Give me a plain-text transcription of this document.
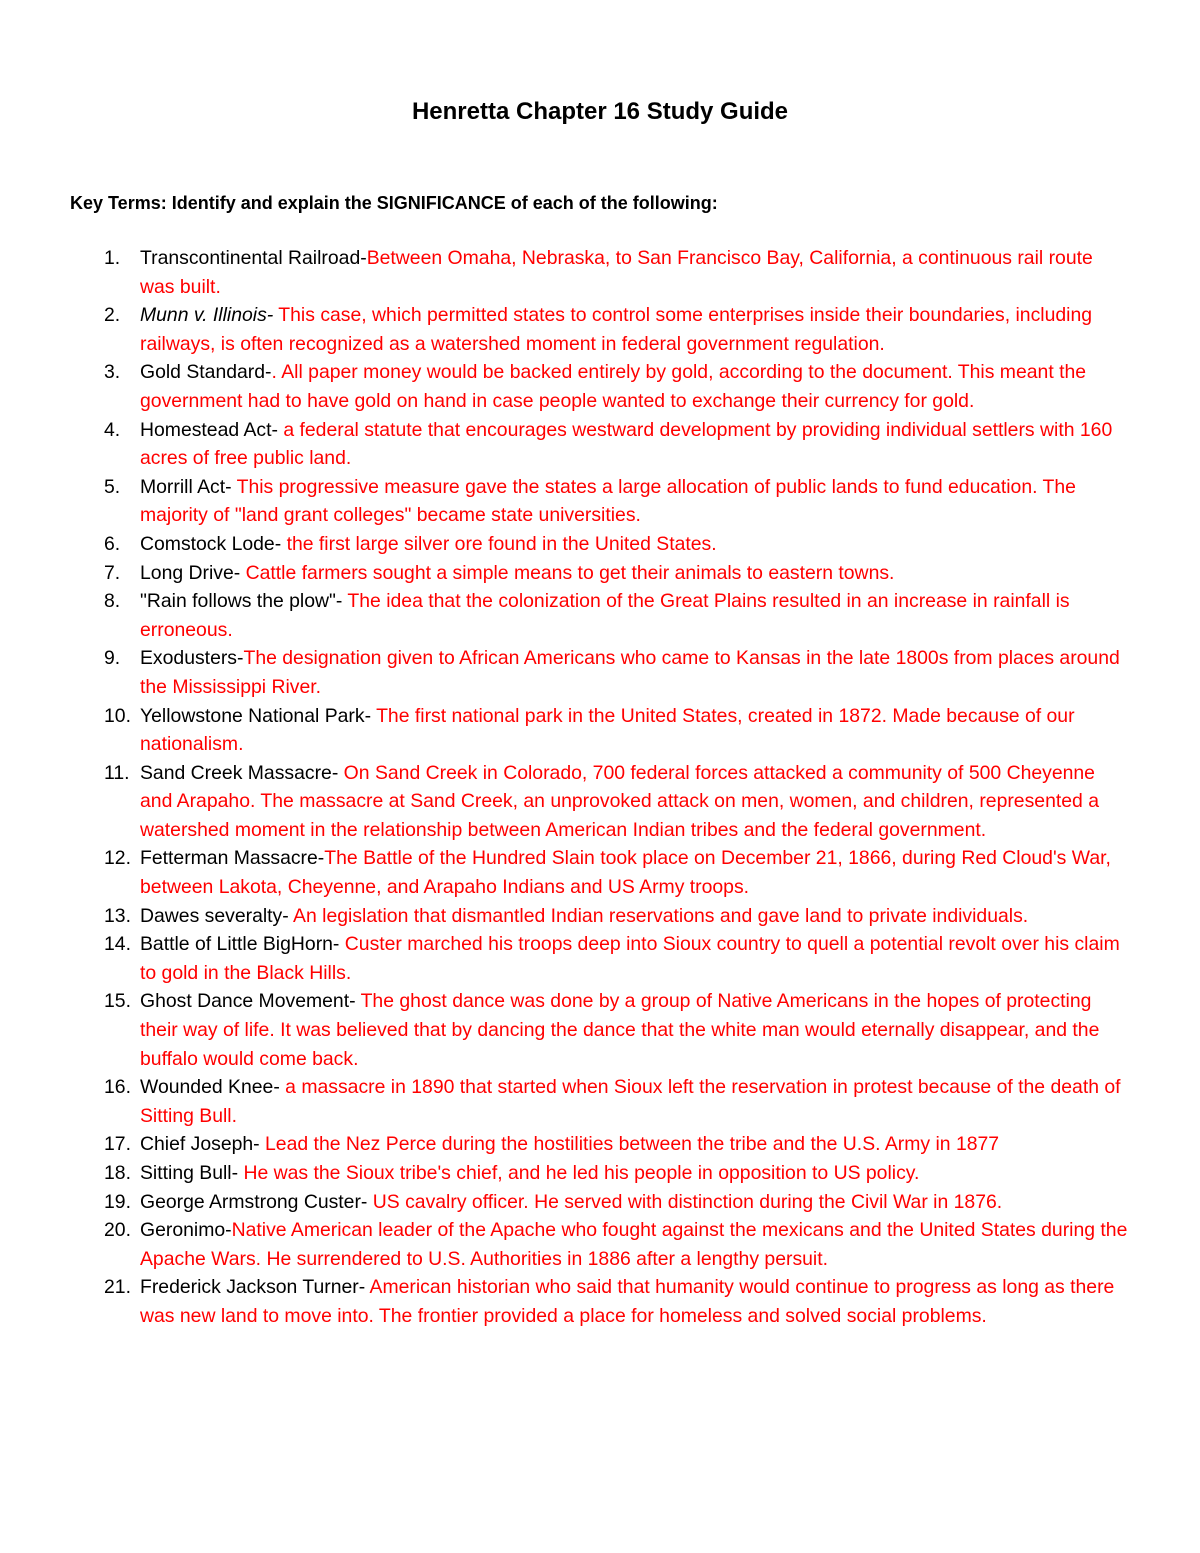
Henretta Chapter 16 Study Guide

Key Terms: Identify and explain the SIGNIFICANCE of each of the following:

1. Transcontinental Railroad-Between Omaha, Nebraska, to San Francisco Bay, California, a continuous rail route was built.
2. Munn v. Illinois- This case, which permitted states to control some enterprises inside their boundaries, including railways, is often recognized as a watershed moment in federal government regulation.
3. Gold Standard-. All paper money would be backed entirely by gold, according to the document. This meant the government had to have gold on hand in case people wanted to exchange their currency for gold.
4. Homestead Act- a federal statute that encourages westward development by providing individual settlers with 160 acres of free public land.
5. Morrill Act- This progressive measure gave the states a large allocation of public lands to fund education. The majority of "land grant colleges" became state universities.
6. Comstock Lode- the first large silver ore found in the United States.
7. Long Drive- Cattle farmers sought a simple means to get their animals to eastern towns.
8. "Rain follows the plow"- The idea that the colonization of the Great Plains resulted in an increase in rainfall is erroneous.
9. Exodusters-The designation given to African Americans who came to Kansas in the late 1800s from places around the Mississippi River.
10. Yellowstone National Park- The first national park in the United States, created in 1872. Made because of our nationalism.
11. Sand Creek Massacre- On Sand Creek in Colorado, 700 federal forces attacked a community of 500 Cheyenne and Arapaho. The massacre at Sand Creek, an unprovoked attack on men, women, and children, represented a watershed moment in the relationship between American Indian tribes and the federal government.
12. Fetterman Massacre-The Battle of the Hundred Slain took place on December 21, 1866, during Red Cloud's War, between Lakota, Cheyenne, and Arapaho Indians and US Army troops.
13. Dawes severalty- An legislation that dismantled Indian reservations and gave land to private individuals.
14. Battle of Little BigHorn- Custer marched his troops deep into Sioux country to quell a potential revolt over his claim to gold in the Black Hills.
15. Ghost Dance Movement- The ghost dance was done by a group of Native Americans in the hopes of protecting their way of life. It was believed that by dancing the dance that the white man would eternally disappear, and the buffalo would come back.
16. Wounded Knee- a massacre in 1890 that started when Sioux left the reservation in protest because of the death of Sitting Bull.
17. Chief Joseph- Lead the Nez Perce during the hostilities between the tribe and the U.S. Army in 1877
18. Sitting Bull- He was the Sioux tribe's chief, and he led his people in opposition to US policy.
19. George Armstrong Custer- US cavalry officer. He served with distinction during the Civil War in 1876.
20. Geronimo-Native American leader of the Apache who fought against the mexicans and the United States during the Apache Wars. He surrendered to U.S. Authorities in 1886 after a lengthy persuit.
21. Frederick Jackson Turner- American historian who said that humanity would continue to progress as long as there was new land to move into. The frontier provided a place for homeless and solved social problems.
